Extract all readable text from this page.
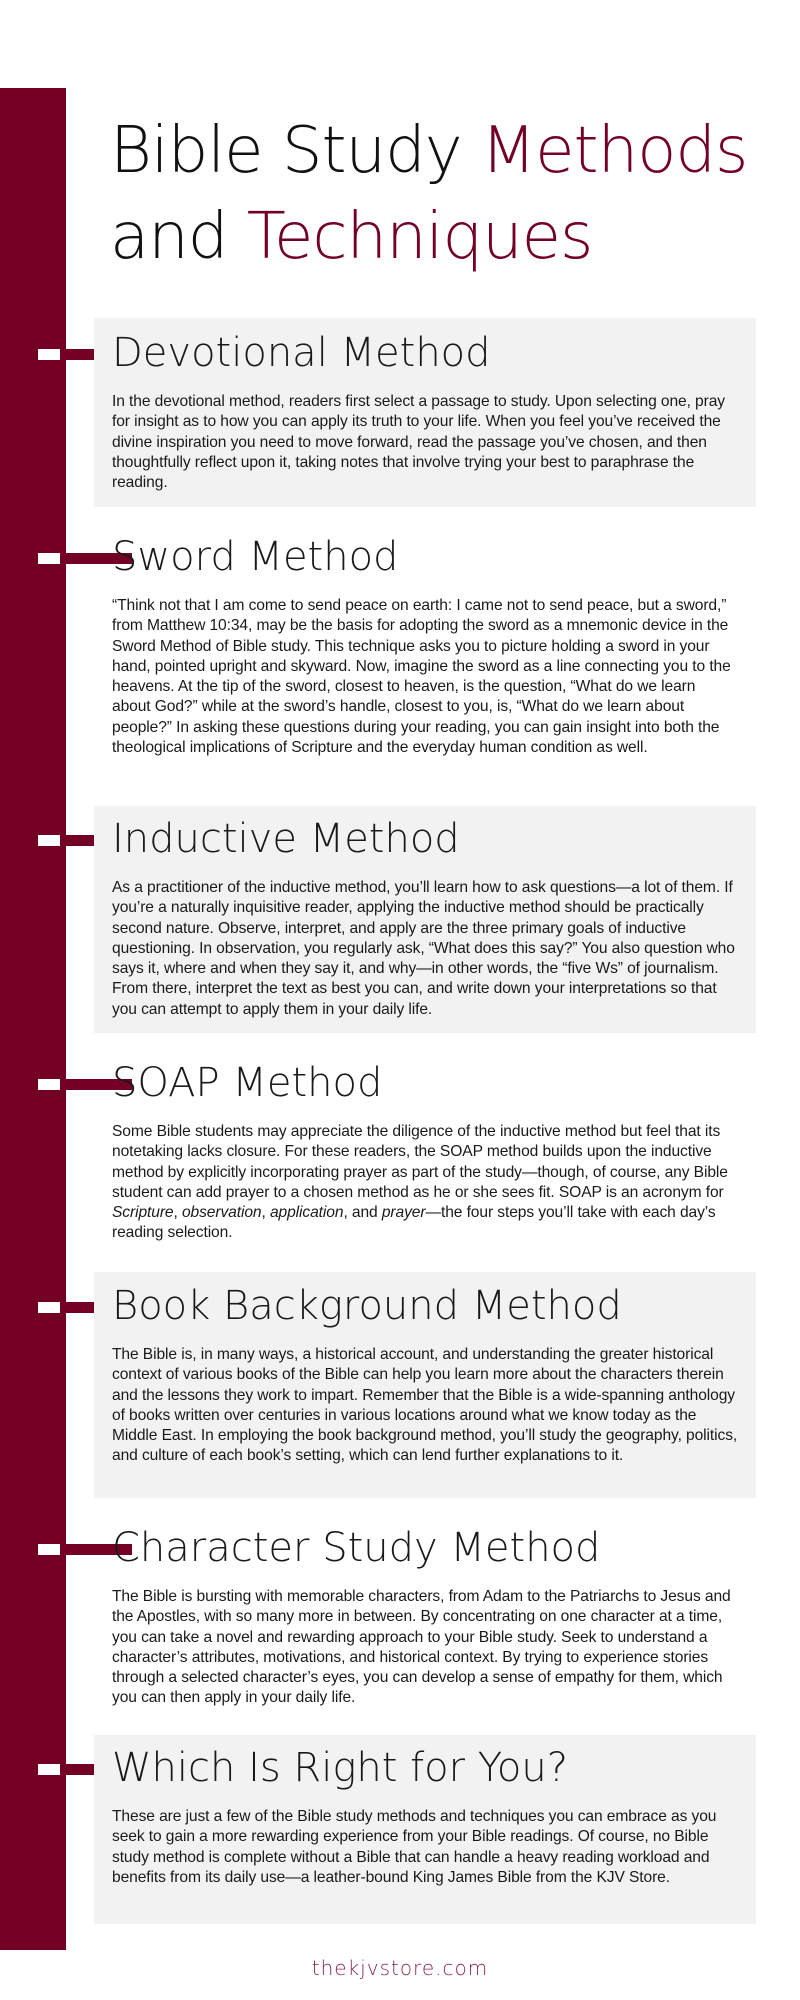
Bible Study Methods
and Techniques
Devotional Method

In the devotional method, readers first select a passage to study. Upon selecting one, pray for insight as to how you can apply its truth to your life. When you feel you’ve received the divine inspiration you need to move forward, read the passage you’ve chosen, and then thoughtfully reflect upon it, taking notes that involve trying your best to paraphrase the reading.

Sword Method

“Think not that I am come to send peace on earth: I came not to send peace, but a sword,” from Matthew 10:34, may be the basis for adopting the sword as a mnemonic device in the Sword Method of Bible study. This technique asks you to picture holding a sword in your hand, pointed upright and skyward. Now, imagine the sword as a line connecting you to the heavens. At the tip of the sword, closest to heaven, is the question, “What do we learn about God?” while at the sword’s handle, closest to you, is, “What do we learn about people?” In asking these questions during your reading, you can gain insight into both the theological implications of Scripture and the everyday human condition as well.

Inductive Method

As a practitioner of the inductive method, you’ll learn how to ask questions—a lot of them. If you’re a naturally inquisitive reader, applying the inductive method should be practically second nature. Observe, interpret, and apply are the three primary goals of inductive questioning. In observation, you regularly ask, “What does this say?” You also question who says it, where and when they say it, and why—in other words, the “five Ws” of journalism. From there, interpret the text as best you can, and write down your interpretations so that you can attempt to apply them in your daily life.

SOAP Method

Some Bible students may appreciate the diligence of the inductive method but feel that its notetaking lacks closure. For these readers, the SOAP method builds upon the inductive method by explicitly incorporating prayer as part of the study—though, of course, any Bible student can add prayer to a chosen method as he or she sees fit. SOAP is an acronym for Scripture, observation, application, and prayer—the four steps you’ll take with each day’s reading selection.

Book Background Method

The Bible is, in many ways, a historical account, and understanding the greater historical context of various books of the Bible can help you learn more about the characters therein and the lessons they work to impart. Remember that the Bible is a wide-spanning anthology of books written over centuries in various locations around what we know today as the Middle East. In employing the book background method, you’ll study the geography, politics, and culture of each book’s setting, which can lend further explanations to it.

Character Study Method

The Bible is bursting with memorable characters, from Adam to the Patriarchs to Jesus and the Apostles, with so many more in between. By concentrating on one character at a time, you can take a novel and rewarding approach to your Bible study. Seek to understand a character’s attributes, motivations, and historical context. By trying to experience stories through a selected character’s eyes, you can develop a sense of empathy for them, which you can then apply in your daily life.

Which Is Right for You?

These are just a few of the Bible study methods and techniques you can embrace as you seek to gain a more rewarding experience from your Bible readings. Of course, no Bible study method is complete without a Bible that can handle a heavy reading workload and benefits from its daily use—a leather-bound King James Bible from the KJV Store.

thekjvstore.com
